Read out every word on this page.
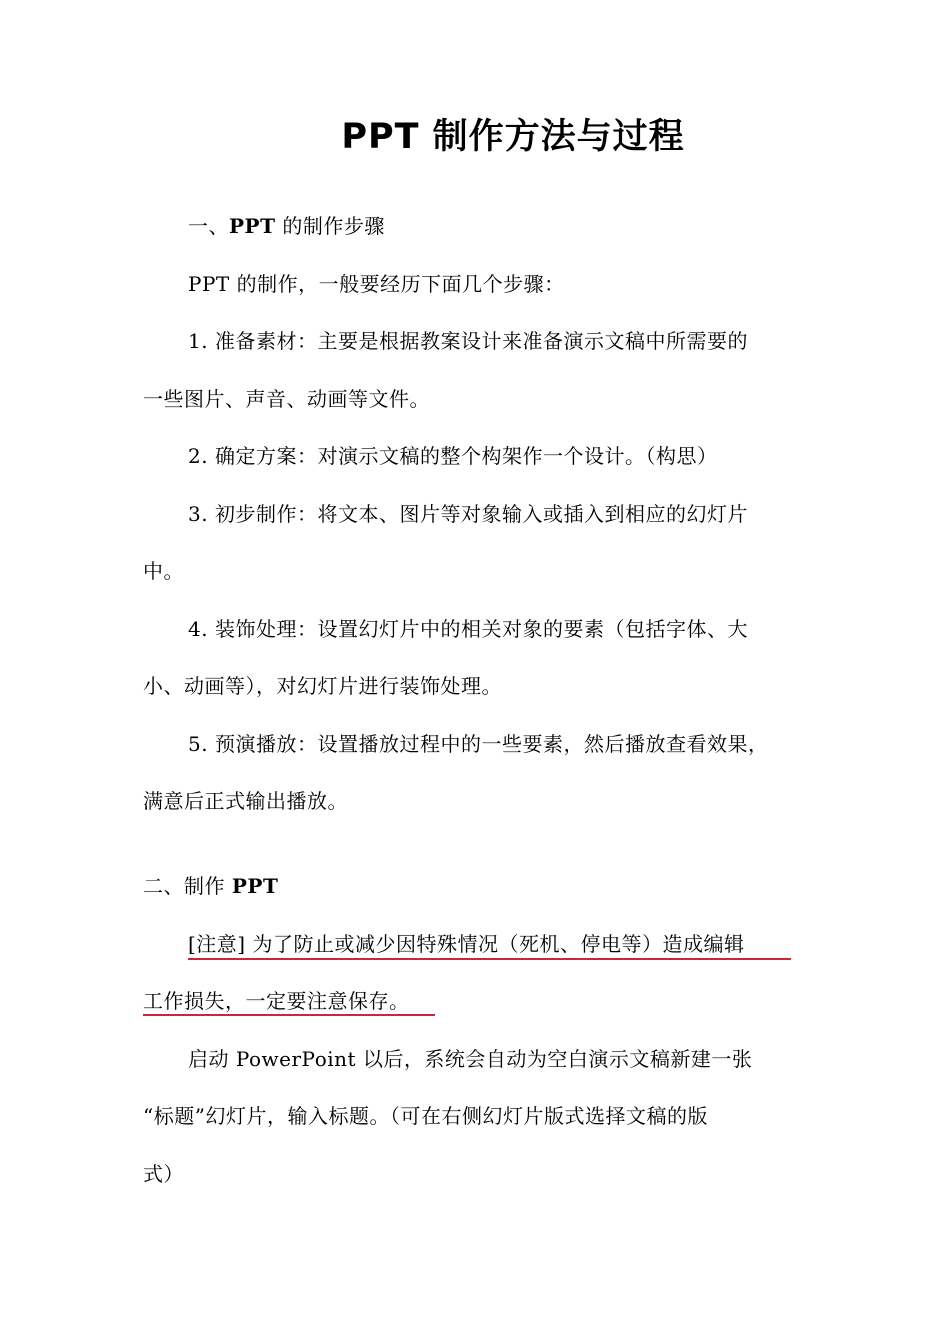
PPT 制作方法与过程
一、PPT 的制作步骤
PPT 的制作，一般要经历下面几个步骤：
1. 准备素材：主要是根据教案设计来准备演示文稿中所需要的
一些图片、声音、动画等文件。
2. 确定方案：对演示文稿的整个构架作一个设计。（构思）
3. 初步制作：将文本、图片等对象输入或插入到相应的幻灯片
中。
4. 装饰处理：设置幻灯片中的相关对象的要素（包括字体、大
小、动画等），对幻灯片进行装饰处理。
5. 预演播放：设置播放过程中的一些要素，然后播放查看效果，
满意后正式输出播放。
二、制作 PPT
[注意] 为了防止或减少因特殊情况（死机、停电等）造成编辑
工作损失，一定要注意保存。
启动 PowerPoint 以后，系统会自动为空白演示文稿新建一张
“标题”幻灯片，输入标题。（可在右侧幻灯片版式选择文稿的版
式）
